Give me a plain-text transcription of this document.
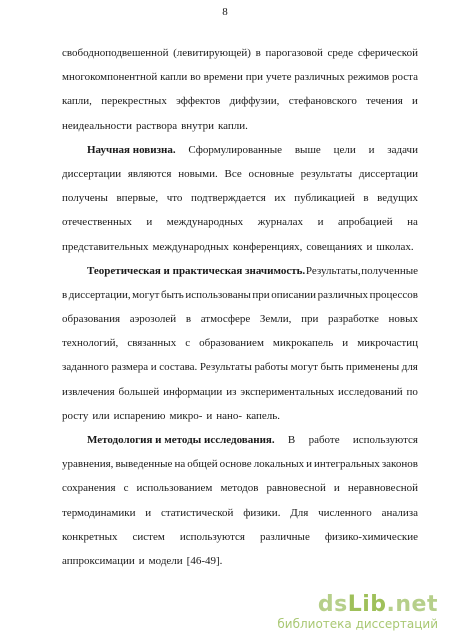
8
свободноподвешенной (левитирующей) в парогазовой среде сферической
многокомпонентной капли во времени при учете различных режимов роста
капли, перекрестных эффектов диффузии, стефановского течения и
неидеальности раствора внутри капли.
Научная новизна. Сформулированные выше цели и задачи
диссертации являются новыми. Все основные результаты диссертации
получены впервые, что подтверждается их публикацией в ведущих
отечественных и международных журналах и апробацией на
представительных международных конференциях, совещаниях и школах.
Теоретическая и практическая значимость. Результаты, полученные
в диссертации, могут быть использованы при описании различных процессов
образования аэрозолей в атмосфере Земли, при разработке новых
технологий, связанных с образованием микрокапель и микрочастиц
заданного размера и состава. Результаты работы могут быть применены для
извлечения большей информации из экспериментальных исследований по
росту или испарению микро- и нано- капель.
Методология и методы исследования. В работе используются
уравнения, выведенные на общей основе локальных и интегральных законов
сохранения с использованием методов равновесной и неравновесной
термодинамики и статистической физики. Для численного анализа
конкретных систем используются различные физико-химические
аппроксимации и модели [46-49].
dsLib.net
библиотека диссертаций
